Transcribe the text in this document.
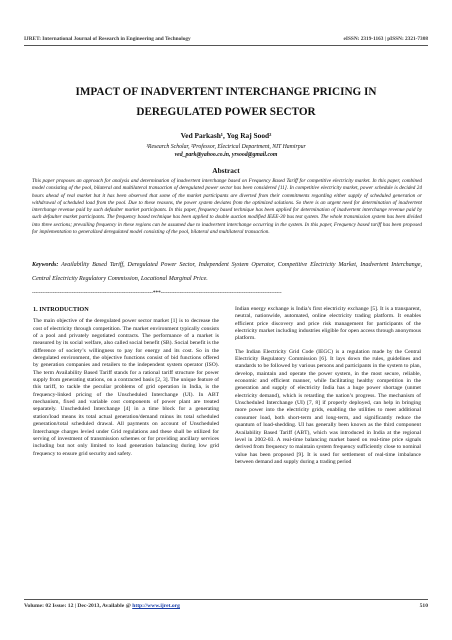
IJRET: International Journal of Research in Engineering and Technology	eISSN: 2319-1163 | pISSN: 2321-7308
IMPACT OF INADVERTENT INTERCHANGE PRICING IN
DEREGULATED POWER SECTOR
Ved Parkash¹, Yog Raj Sood²
¹Research Scholar, ²Professor, Electrical Department, NIT Hamirpur
ved_park@yahoo.co.in, yrsood@gmail.com
Abstract
This paper proposes an approach for analysis and determination of inadvertent interchange based on Frequency Based Tariff for competitive electricity market. In this paper, combined model consisting of the pool, bilateral and multilateral transaction of deregulated power sector has been considered [11]. In competitive electricity market, power schedule is decided 24 hours ahead of real market but it has been observed that some of the market participants are diverted from their commitments regarding either supply of scheduled generation or withdrawal of scheduled load from the pool. Due to these reasons, the power system deviates from the optimized solutions. So there is an urgent need for determination of inadvertent interchange revenue paid by such defaulter market participants. In this paper, frequency based technique has been applied for determination of inadvertent interchange revenue paid by such defaulter market participants. The frequency based technique has been applied to double auction modified IEEE-30 bus test system. The whole transmission system has been divided into three sections; prevailing frequency in these regions can be assumed due to inadvertent interchange occurring in the system. In this paper, Frequency based tariff has been proposed for implementation to generalized deregulated model consisting of the pool, bilateral and multilateral transaction.
Keywords: Availability Based Tariff, Deregulated Power Sector, Independent System Operator, Competitive Electricity Market, Inadvertent Interchange, Central Electricity Regulatory Commission, Locational Marginal Price.
----------------------------------------------------------------------***----------------------------------------------------------------------
1. INTRODUCTION

The main objective of the deregulated power sector market [1] is to decrease the cost of electricity through competition. The market environment typically consists of a pool and privately negotiated contracts. The performance of a market is measured by its social welfare, also called social benefit (SB). Social benefit is the difference of society’s willingness to pay for energy and its cost. So in the deregulated environment, the objective functions consist of bid functions offered by generation companies and retailers to the independent system operator (ISO). The term Availability Based Tariff stands for a rational tariff structure for power supply from generating stations, on a contracted basis [2, 3]. The unique feature of this tariff, to tackle the peculiar problems of grid operation in India, is the frequency-linked pricing of the Unscheduled Interchange (UI). In ABT mechanism, fixed and variable cost components of power plant are treated separately. Unscheduled Interchange [4] in a time block for a generating station/load means its total actual generation/demand minus its total scheduled generation/total scheduled drawal. All payments on account of Unscheduled Interchange charges levied under Grid regulations and these shall be utilized for serving of investment of transmission schemes or for providing ancillary services including but not only limited to load generation balancing during low grid frequency to ensure grid security and safety.

Indian energy exchange is India’s first electricity exchange [5]. It is a transparent, neutral, nationwide, automated, online electricity trading platform. It enables efficient price discovery and price risk management for participants of the electricity market including industries eligible for open access through anonymous platform.

The Indian Electricity Grid Code (IEGC) is a regulation made by the Central Electricity Regulatory Commission [6]. It lays down the rules, guidelines and standards to be followed by various persons and participants in the system to plan, develop, maintain and operate the power system, in the most secure, reliable, economic and efficient manner, while facilitating healthy competition in the generation and supply of electricity India has a huge power shortage (unmet electricity demand), which is retarding the nation’s progress. The mechanism of Unscheduled Interchange (UI) [7, 8] if properly deployed, can help in bringing more power into the electricity grids, enabling the utilities to meet additional consumer load, both short-term and long-term, and significantly reduce the quantum of load-shedding. UI has generally been known as the third component Availability Based Tariff (ABT), which was introduced in India at the regional level in 2002-03. A real-time balancing market based on real-time price signals derived from frequency to maintain system frequency sufficiently close to nominal value has been proposed [9]. It is used for settlement of real-time imbalance between demand and supply during a trading period

Volume: 02 Issue: 12 | Dec-2013, Available @ http://www.ijret.org	510
